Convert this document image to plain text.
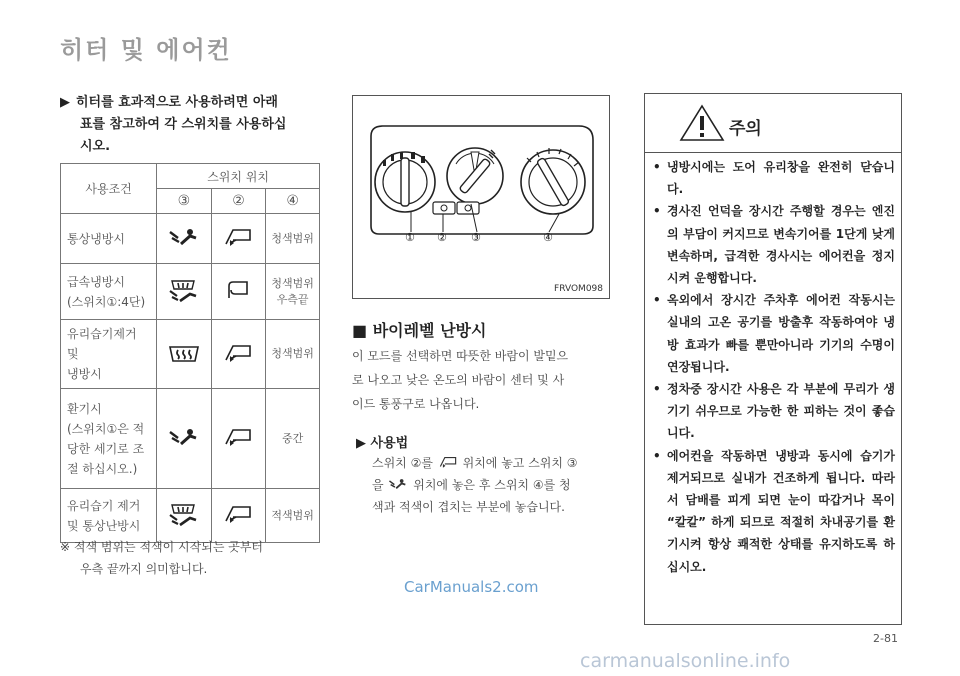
히터 및 에어컨
▶ 히터를 효과적으로 사용하려면 아래
표를 참고하여 각 스위치를 사용하십
시오.
사용조건	스위치 위치		
	③	②	④
통상냉방시			청색범위
급속냉방시
(스위치①:4단)			청색범위
우측끝
유리습기제거 및
냉방시			청색범위
환기시
(스위치①은 적
당한 세기로 조
절 하십시오.)			중간
유리습기 제거
및 통상난방시			적색범위
※ 적색 범위는 적색이 시작되는 곳부터
우측 끝까지 의미합니다.
① ② ③	④
FRVOM098
■ 바이레벨 난방시
이 모드를 선택하면 따뜻한 바람이 발밑으
로 나오고 낮은 온도의 바람이 센터 및 사
이드 통풍구로 나옵니다.
▶ 사용법
스위치 ②를 위치에 놓고 스위치 ③
을 위치에 놓은 후 스위치 ④를 청
색과 적색이 겹치는 부분에 놓습니다.
주의
• 냉방시에는 도어 유리창을 완전히 닫습니다.
• 경사진 언덕을 장시간 주행할 경우는 엔진의 부담이 커지므로 변속기어를 1단게 낮게 변속하며, 급격한 경사시는 에어컨을 정지시켜 운행합니다.
• 옥외에서 장시간 주차후 에어컨 작동시는 실내의 고온 공기를 방출후 작동하여야 냉방 효과가 빠를 뿐만아니라 기기의 수명이 연장됩니다.
• 정차중 장시간 사용은 각 부분에 무리가 생기기 쉬우므로 가능한 한 피하는 것이 좋습니다.
• 에어컨을 작동하면 냉방과 동시에 습기가 제거되므로 실내가 건조하게 됩니다. 따라서 담배를 피게 되면 눈이 따갑거나 목이 “칼칼” 하게 되므로 적절히 차내공기를 환기시켜 항상 쾌적한 상태를 유지하도록 하십시오.
2-81
CarManuals2.com
carmanualsonline.info
